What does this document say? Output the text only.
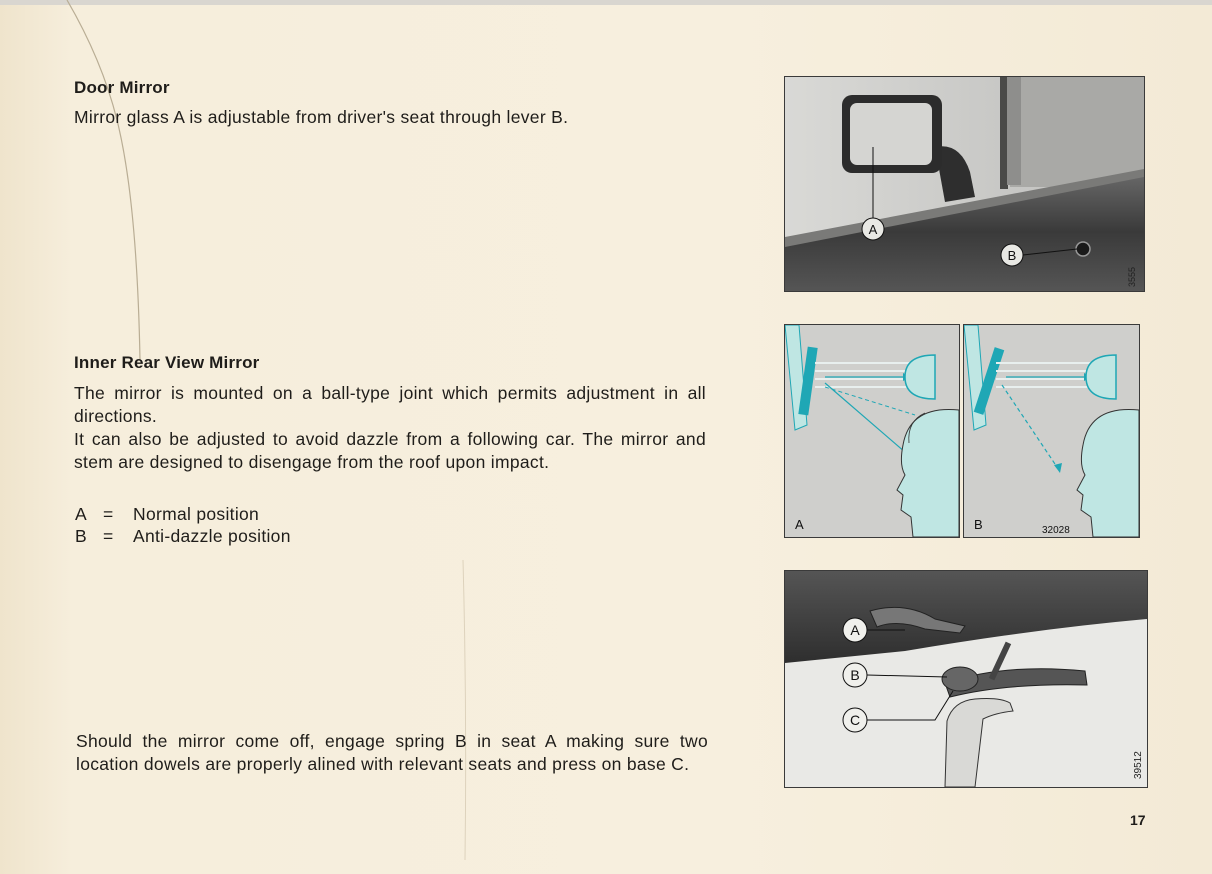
Door Mirror

Mirror glass A is adjustable from driver's seat through lever B.

Inner Rear View Mirror

The mirror is mounted on a ball-type joint which permits adjustment in all directions.

It can also be adjusted to avoid dazzle from a following car. The mirror and stem are designed to disengage from the roof upon impact.

A =	Normal position
B =	Anti-dazzle position

Should the mirror come off, engage spring B in seat A making sure two location dowels are properly alined with relevant seats and press on base C.

17
A
B
3555
A	B	32028
A
B
C
39512
